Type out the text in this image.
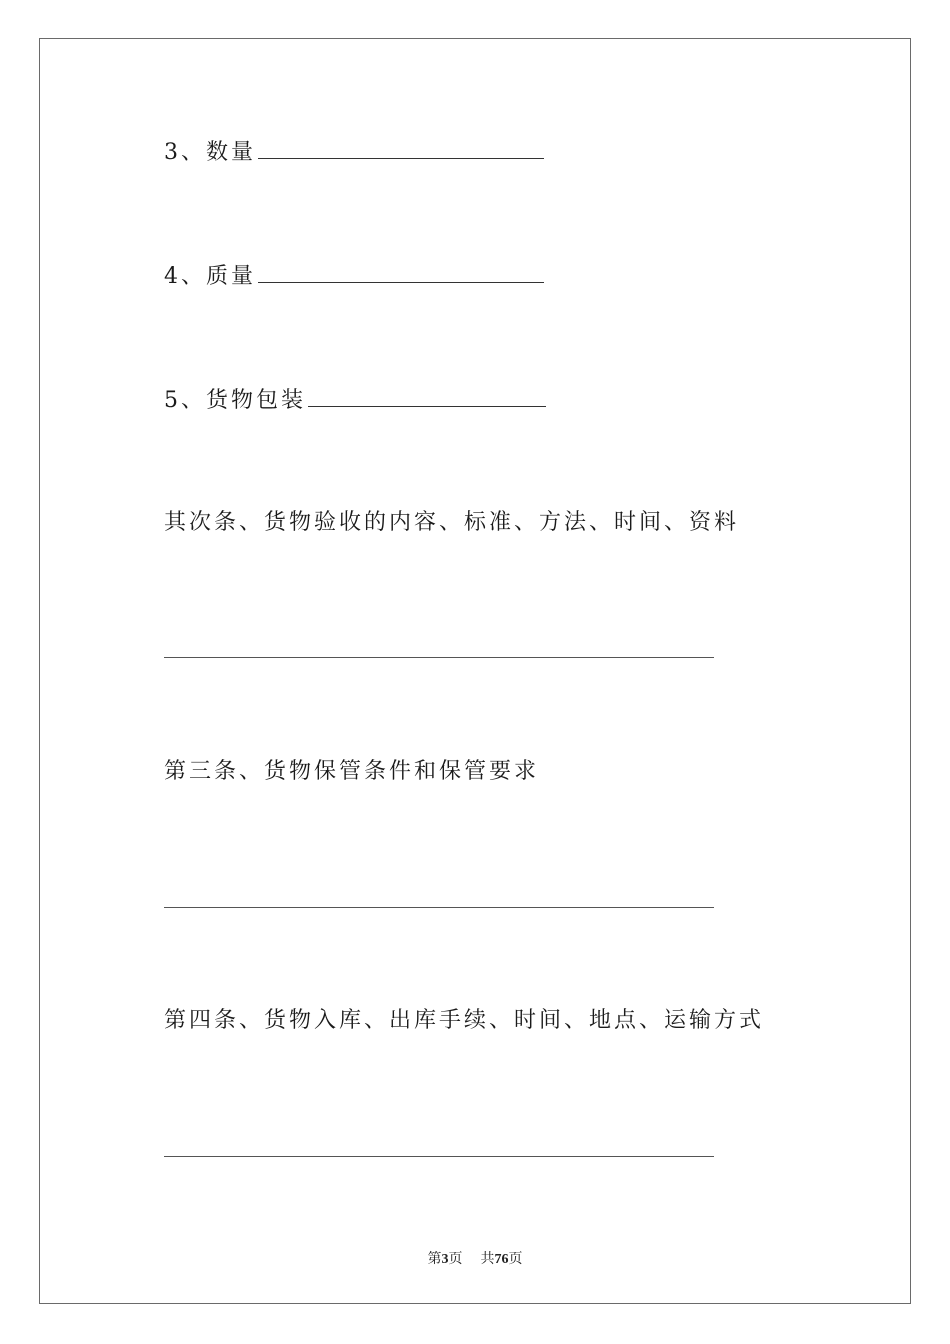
3、数量
4、质量
5、货物包装
其次条、货物验收的内容、标准、方法、时间、资料
第三条、货物保管条件和保管要求
第四条、货物入库、出库手续、时间、地点、运输方式
第3页 共76页
